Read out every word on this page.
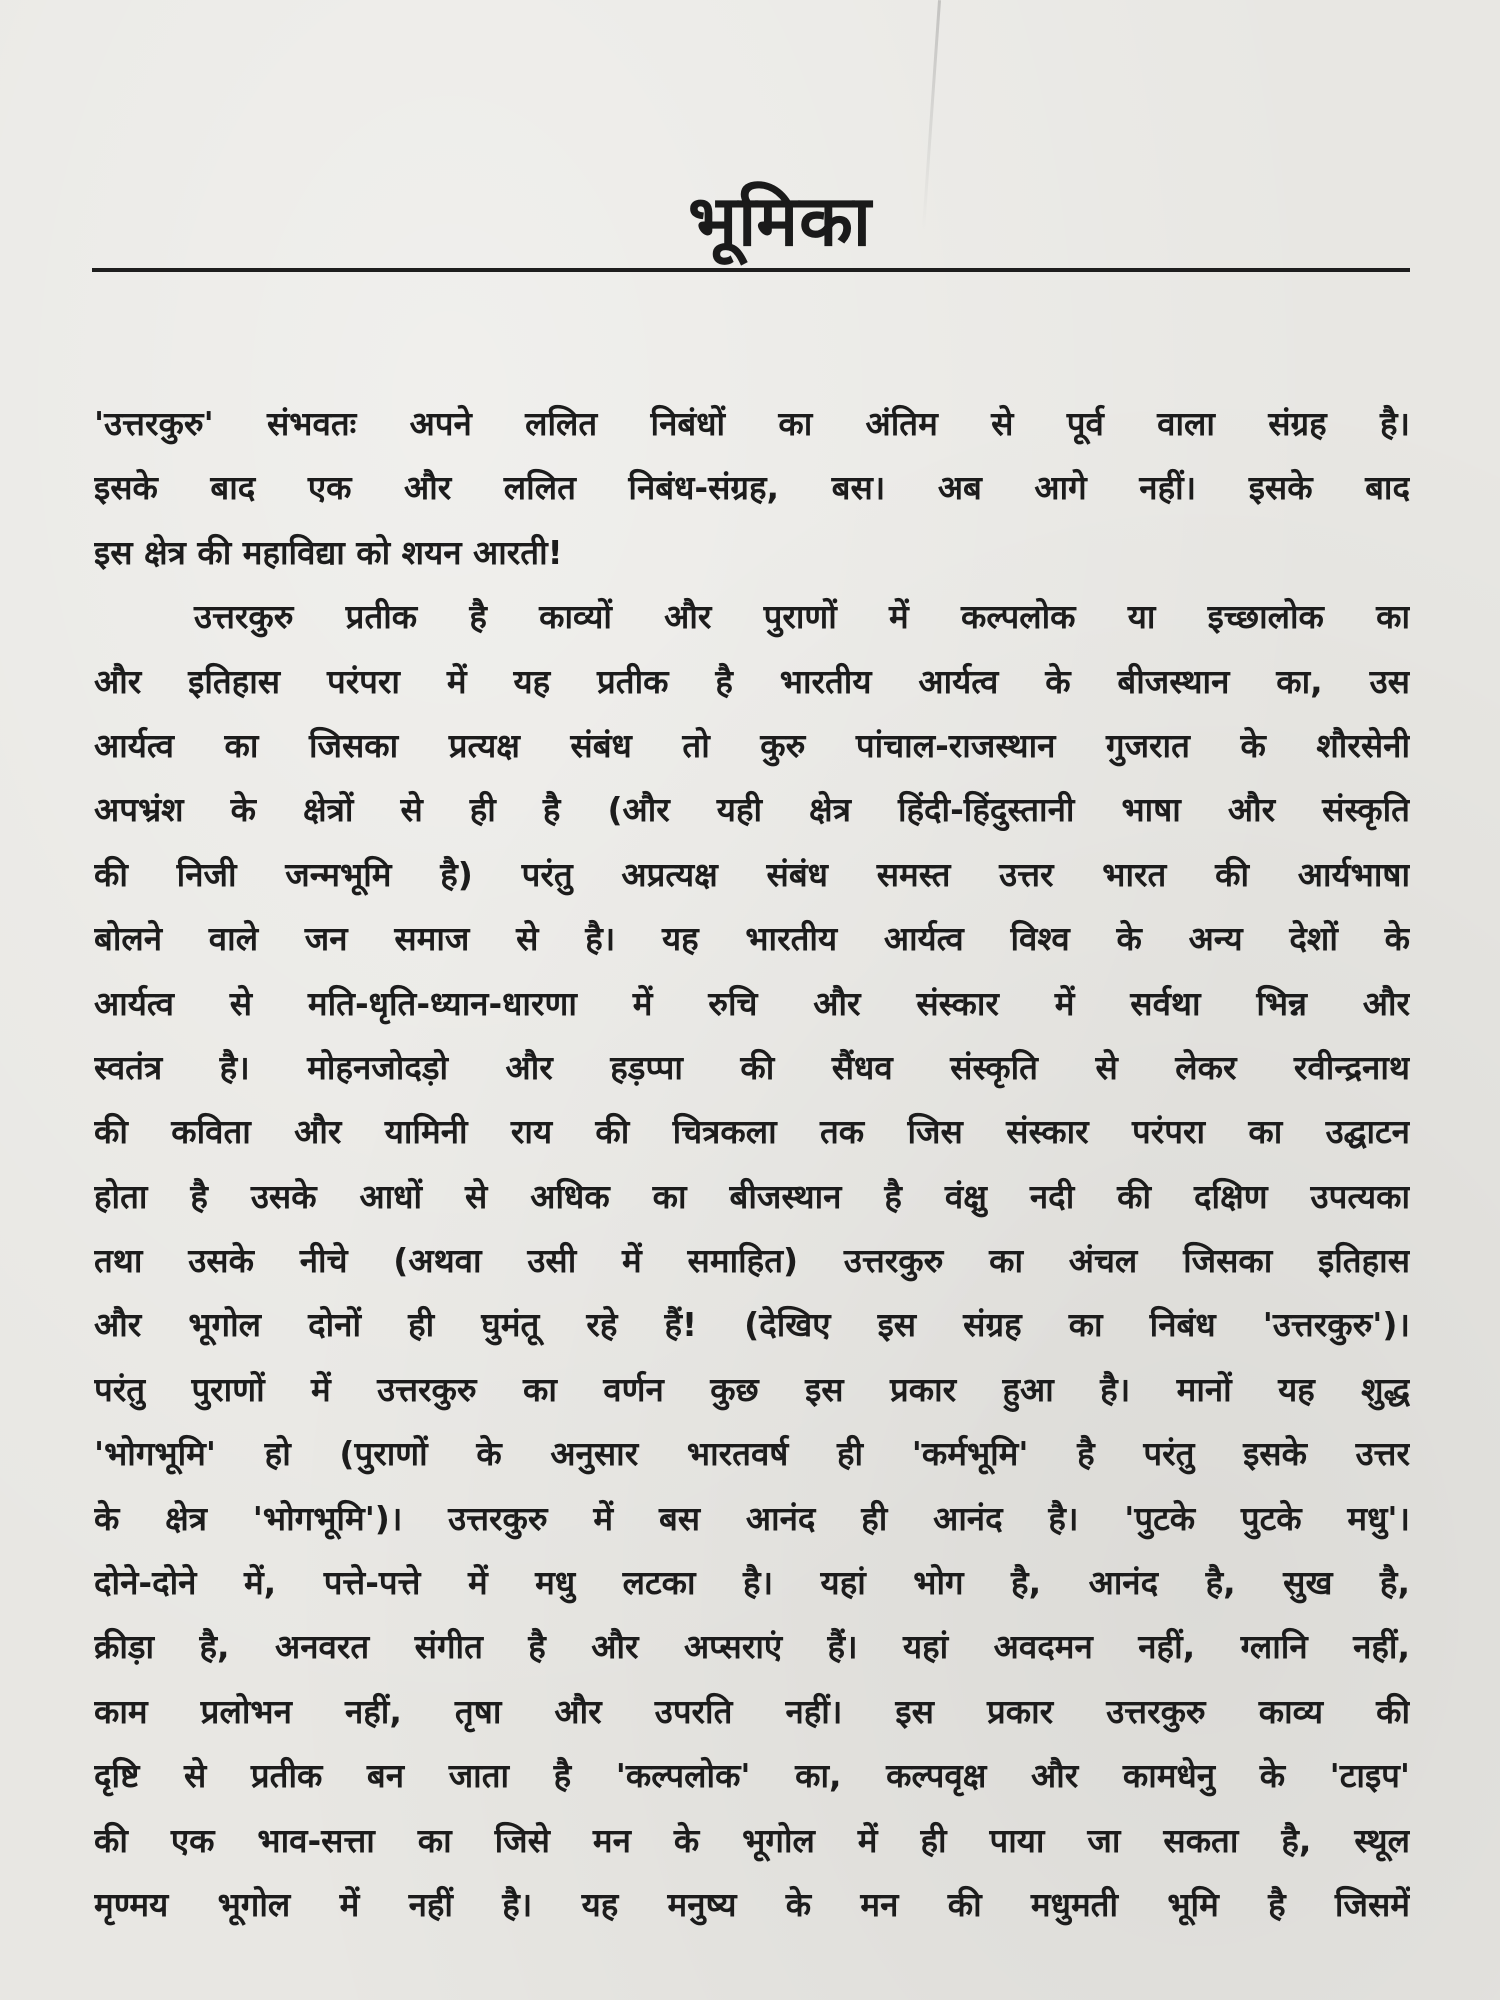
भूमिका
'उत्तरकुरु' संभवतः अपने ललित निबंधों का अंतिम से पूर्व वाला संग्रह है।
इसके बाद एक और ललित निबंध-संग्रह, बस। अब आगे नहीं। इसके बाद
इस क्षेत्र की महाविद्या को शयन आरती!
उत्तरकुरु प्रतीक है काव्यों और पुराणों में कल्पलोक या इच्छालोक का
और इतिहास परंपरा में यह प्रतीक है भारतीय आर्यत्व के बीजस्थान का, उस
आर्यत्व का जिसका प्रत्यक्ष संबंध तो कुरु पांचाल-राजस्थान गुजरात के शौरसेनी
अपभ्रंश के क्षेत्रों से ही है (और यही क्षेत्र हिंदी-हिंदुस्तानी भाषा और संस्कृति
की निजी जन्मभूमि है) परंतु अप्रत्यक्ष संबंध समस्त उत्तर भारत की आर्यभाषा
बोलने वाले जन समाज से है। यह भारतीय आर्यत्व विश्व के अन्य देशों के
आर्यत्व से मति-धृति-ध्यान-धारणा में रुचि और संस्कार में सर्वथा भिन्न और
स्वतंत्र है। मोहनजोदड़ो और हड़प्पा की सैंधव संस्कृति से लेकर रवीन्द्रनाथ
की कविता और यामिनी राय की चित्रकला तक जिस संस्कार परंपरा का उद्घाटन
होता है उसके आधों से अधिक का बीजस्थान है वंक्षु नदी की दक्षिण उपत्यका
तथा उसके नीचे (अथवा उसी में समाहित) उत्तरकुरु का अंचल जिसका इतिहास
और भूगोल दोनों ही घुमंतू रहे हैं! (देखिए इस संग्रह का निबंध 'उत्तरकुरु')।
परंतु पुराणों में उत्तरकुरु का वर्णन कुछ इस प्रकार हुआ है। मानों यह शुद्ध
'भोगभूमि' हो (पुराणों के अनुसार भारतवर्ष ही 'कर्मभूमि' है परंतु इसके उत्तर
के क्षेत्र 'भोगभूमि')। उत्तरकुरु में बस आनंद ही आनंद है। 'पुटके पुटके मधु'।
दोने-दोने में, पत्ते-पत्ते में मधु लटका है। यहां भोग है, आनंद है, सुख है,
क्रीड़ा है, अनवरत संगीत है और अप्सराएं हैं। यहां अवदमन नहीं, ग्लानि नहीं,
काम प्रलोभन नहीं, तृषा और उपरति नहीं। इस प्रकार उत्तरकुरु काव्य की
दृष्टि से प्रतीक बन जाता है 'कल्पलोक' का, कल्पवृक्ष और कामधेनु के 'टाइप'
की एक भाव-सत्ता का जिसे मन के भूगोल में ही पाया जा सकता है, स्थूल
मृण्मय भूगोल में नहीं है। यह मनुष्य के मन की मधुमती भूमि है जिसमें
